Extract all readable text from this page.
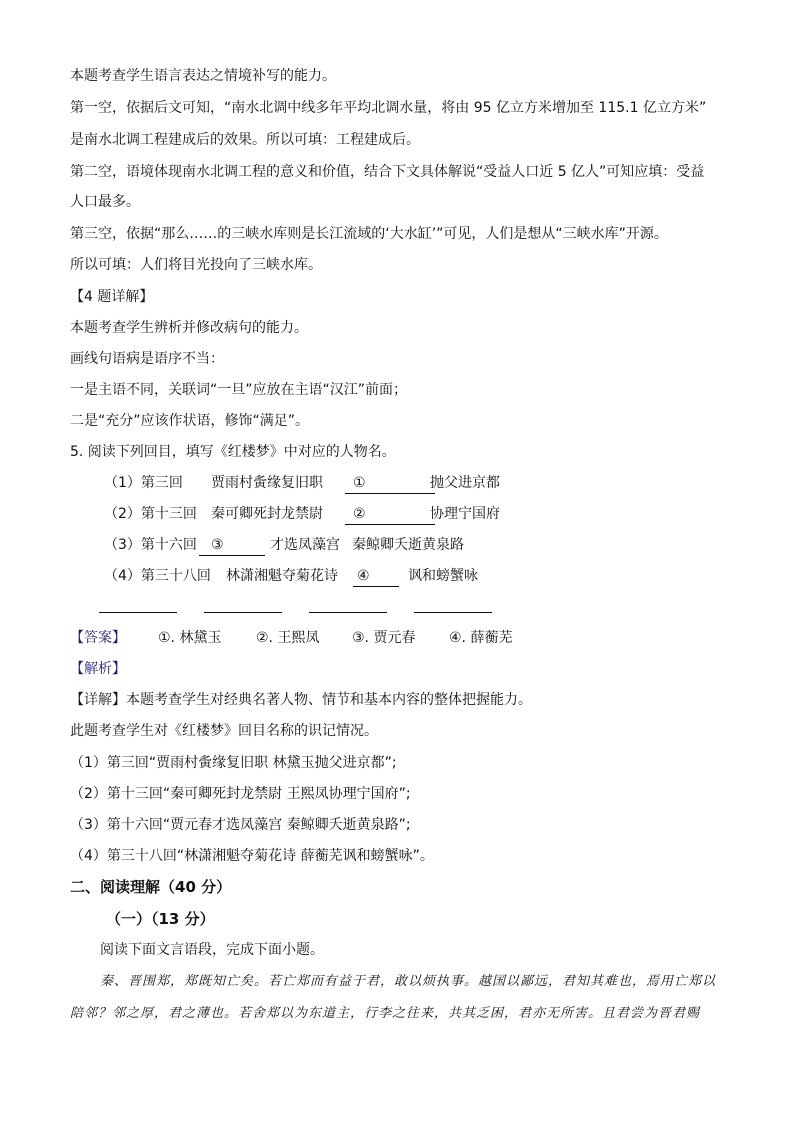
本题考查学生语言表达之情境补写的能力。
第一空，依据后文可知，“南水北调中线多年平均北调水量，将由 95 亿立方米增加至 115.1 亿立方米”
是南水北调工程建成后的效果。所以可填：工程建成后。
第二空，语境体现南水北调工程的意义和价值，结合下文具体解说“受益人口近 5 亿人”可知应填：受益
人口最多。
第三空，依据“那么……的三峡水库则是长江流域的‘大水缸’”可见，人们是想从“三峡水库”开源。
所以可填：人们将目光投向了三峡水库。
【4 题详解】
本题考查学生辨析并修改病句的能力。
画线句语病是语序不当：
一是主语不同，关联词“一旦”应放在主语“汉江”前面；
二是“充分”应该作状语，修饰“满足”。
5. 阅读下列回目，填写《红楼梦》中对应的人物名。
（1）第三回 贾雨村夤缘复旧职	①	抛父进京都
（2）第十三回 秦可卿死封龙禁尉	②	协理宁国府
（3）第十六回	③	才选凤藻宫 秦鲸卿夭逝黄泉路
（4）第三十八回 林潇湘魁夺菊花诗 ④	讽和螃蟹咏
【答案】 ①. 林黛玉 ②. 王熙凤 ③. 贾元春 ④. 薛蘅芜
【解析】
【详解】本题考查学生对经典名著人物、情节和基本内容的整体把握能力。
此题考查学生对《红楼梦》回目名称的识记情况。
（1）第三回“贾雨村夤缘复旧职 林黛玉抛父进京都”;
（2）第十三回“秦可卿死封龙禁尉 王熙凤协理宁国府”;
（3）第十六回“贾元春才选凤藻宫 秦鲸卿夭逝黄泉路”;
（4）第三十八回“林潇湘魁夺菊花诗 薛蘅芜讽和螃蟹咏”。
二、阅读理解（40 分）
（一）（13 分）
阅读下面文言语段，完成下面小题。
秦、晋围郑，郑既知亡矣。若亡郑而有益于君，敢以烦执事。越国以鄙远，君知其难也，焉用亡郑以
陪邻？邻之厚，君之薄也。若舍郑以为东道主，行李之往来，共其乏困，君亦无所害。且君尝为晋君赐
